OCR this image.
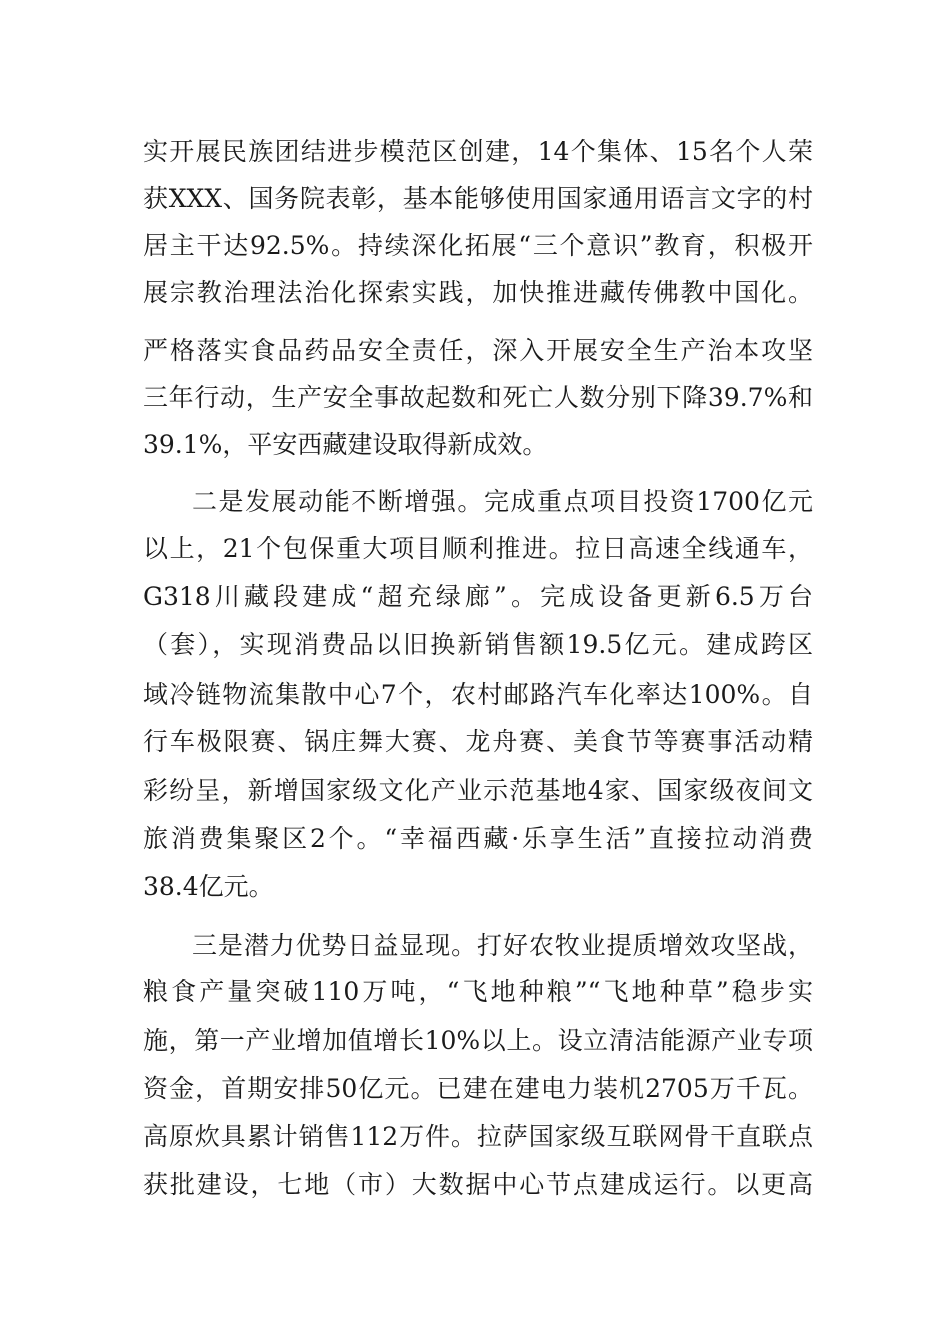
实开展民族团结进步模范区创建，14个集体、15名个人荣
获XXX、国务院表彰，基本能够使用国家通用语言文字的村
居主干达92.5%。持续深化拓展“三个意识”教育，积极开
展宗教治理法治化探索实践，加快推进藏传佛教中国化。
严格落实食品药品安全责任，深入开展安全生产治本攻坚
三年行动，生产安全事故起数和死亡人数分别下降39.7%和
39.1%，平安西藏建设取得新成效。
二是发展动能不断增强。完成重点项目投资1700亿元
以上，21个包保重大项目顺利推进。拉日高速全线通车，
G318川藏段建成“超充绿廊”。完成设备更新6.5万台
（套），实现消费品以旧换新销售额19.5亿元。建成跨区
域冷链物流集散中心7个，农村邮路汽车化率达100%。自
行车极限赛、锅庄舞大赛、龙舟赛、美食节等赛事活动精
彩纷呈，新增国家级文化产业示范基地4家、国家级夜间文
旅消费集聚区2个。“幸福西藏·乐享生活”直接拉动消费
38.4亿元。
三是潜力优势日益显现。打好农牧业提质增效攻坚战，
粮食产量突破110万吨，“飞地种粮”“飞地种草”稳步实
施，第一产业增加值增长10%以上。设立清洁能源产业专项
资金，首期安排50亿元。已建在建电力装机2705万千瓦。
高原炊具累计销售112万件。拉萨国家级互联网骨干直联点
获批建设，七地（市）大数据中心节点建成运行。以更高
